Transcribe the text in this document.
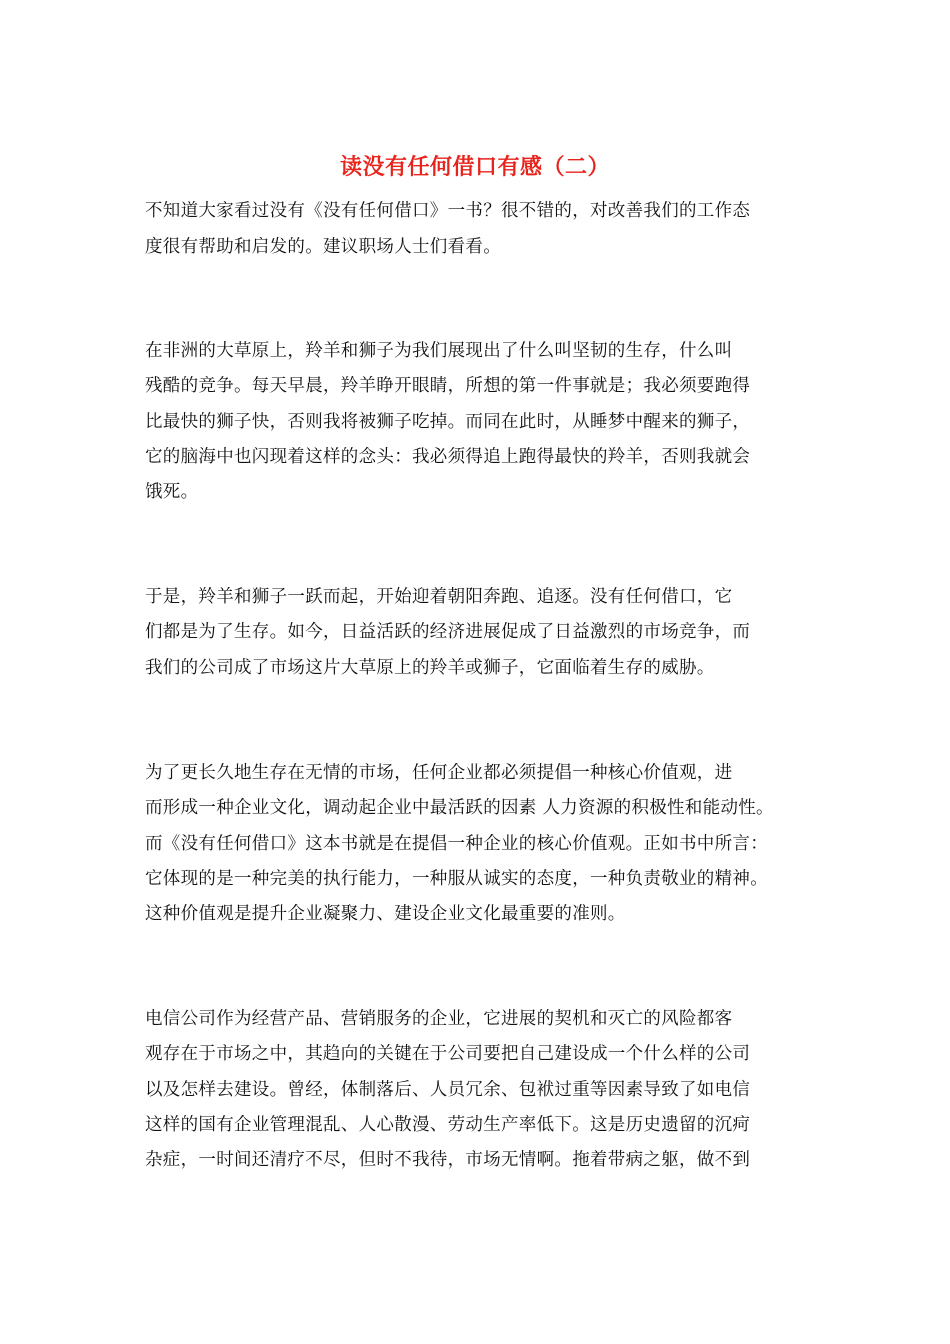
读没有任何借口有感（二）
不知道大家看过没有《没有任何借口》一书？很不错的，对改善我们的工作态
度很有帮助和启发的。建议职场人士们看看。
在非洲的大草原上，羚羊和狮子为我们展现出了什么叫坚韧的生存，什么叫
残酷的竞争。每天早晨，羚羊睁开眼睛，所想的第一件事就是；我必须要跑得
比最快的狮子快，否则我将被狮子吃掉。而同在此时，从睡梦中醒来的狮子，
它的脑海中也闪现着这样的念头：我必须得追上跑得最快的羚羊，否则我就会
饿死。
于是，羚羊和狮子一跃而起，开始迎着朝阳奔跑、追逐。没有任何借口，它
们都是为了生存。如今，日益活跃的经济进展促成了日益激烈的市场竞争，而
我们的公司成了市场这片大草原上的羚羊或狮子，它面临着生存的威胁。
为了更长久地生存在无情的市场，任何企业都必须提倡一种核心价值观，进
而形成一种企业文化，调动起企业中最活跃的因素 人力资源的积极性和能动性。
而《没有任何借口》这本书就是在提倡一种企业的核心价值观。正如书中所言：
它体现的是一种完美的执行能力，一种服从诚实的态度，一种负责敬业的精神。
这种价值观是提升企业凝聚力、建设企业文化最重要的准则。
电信公司作为经营产品、营销服务的企业，它进展的契机和灭亡的风险都客
观存在于市场之中，其趋向的关键在于公司要把自己建设成一个什么样的公司
以及怎样去建设。曾经，体制落后、人员冗余、包袱过重等因素导致了如电信
这样的国有企业管理混乱、人心散漫、劳动生产率低下。这是历史遗留的沉疴
杂症，一时间还清疗不尽，但时不我待，市场无情啊。拖着带病之躯，做不到
